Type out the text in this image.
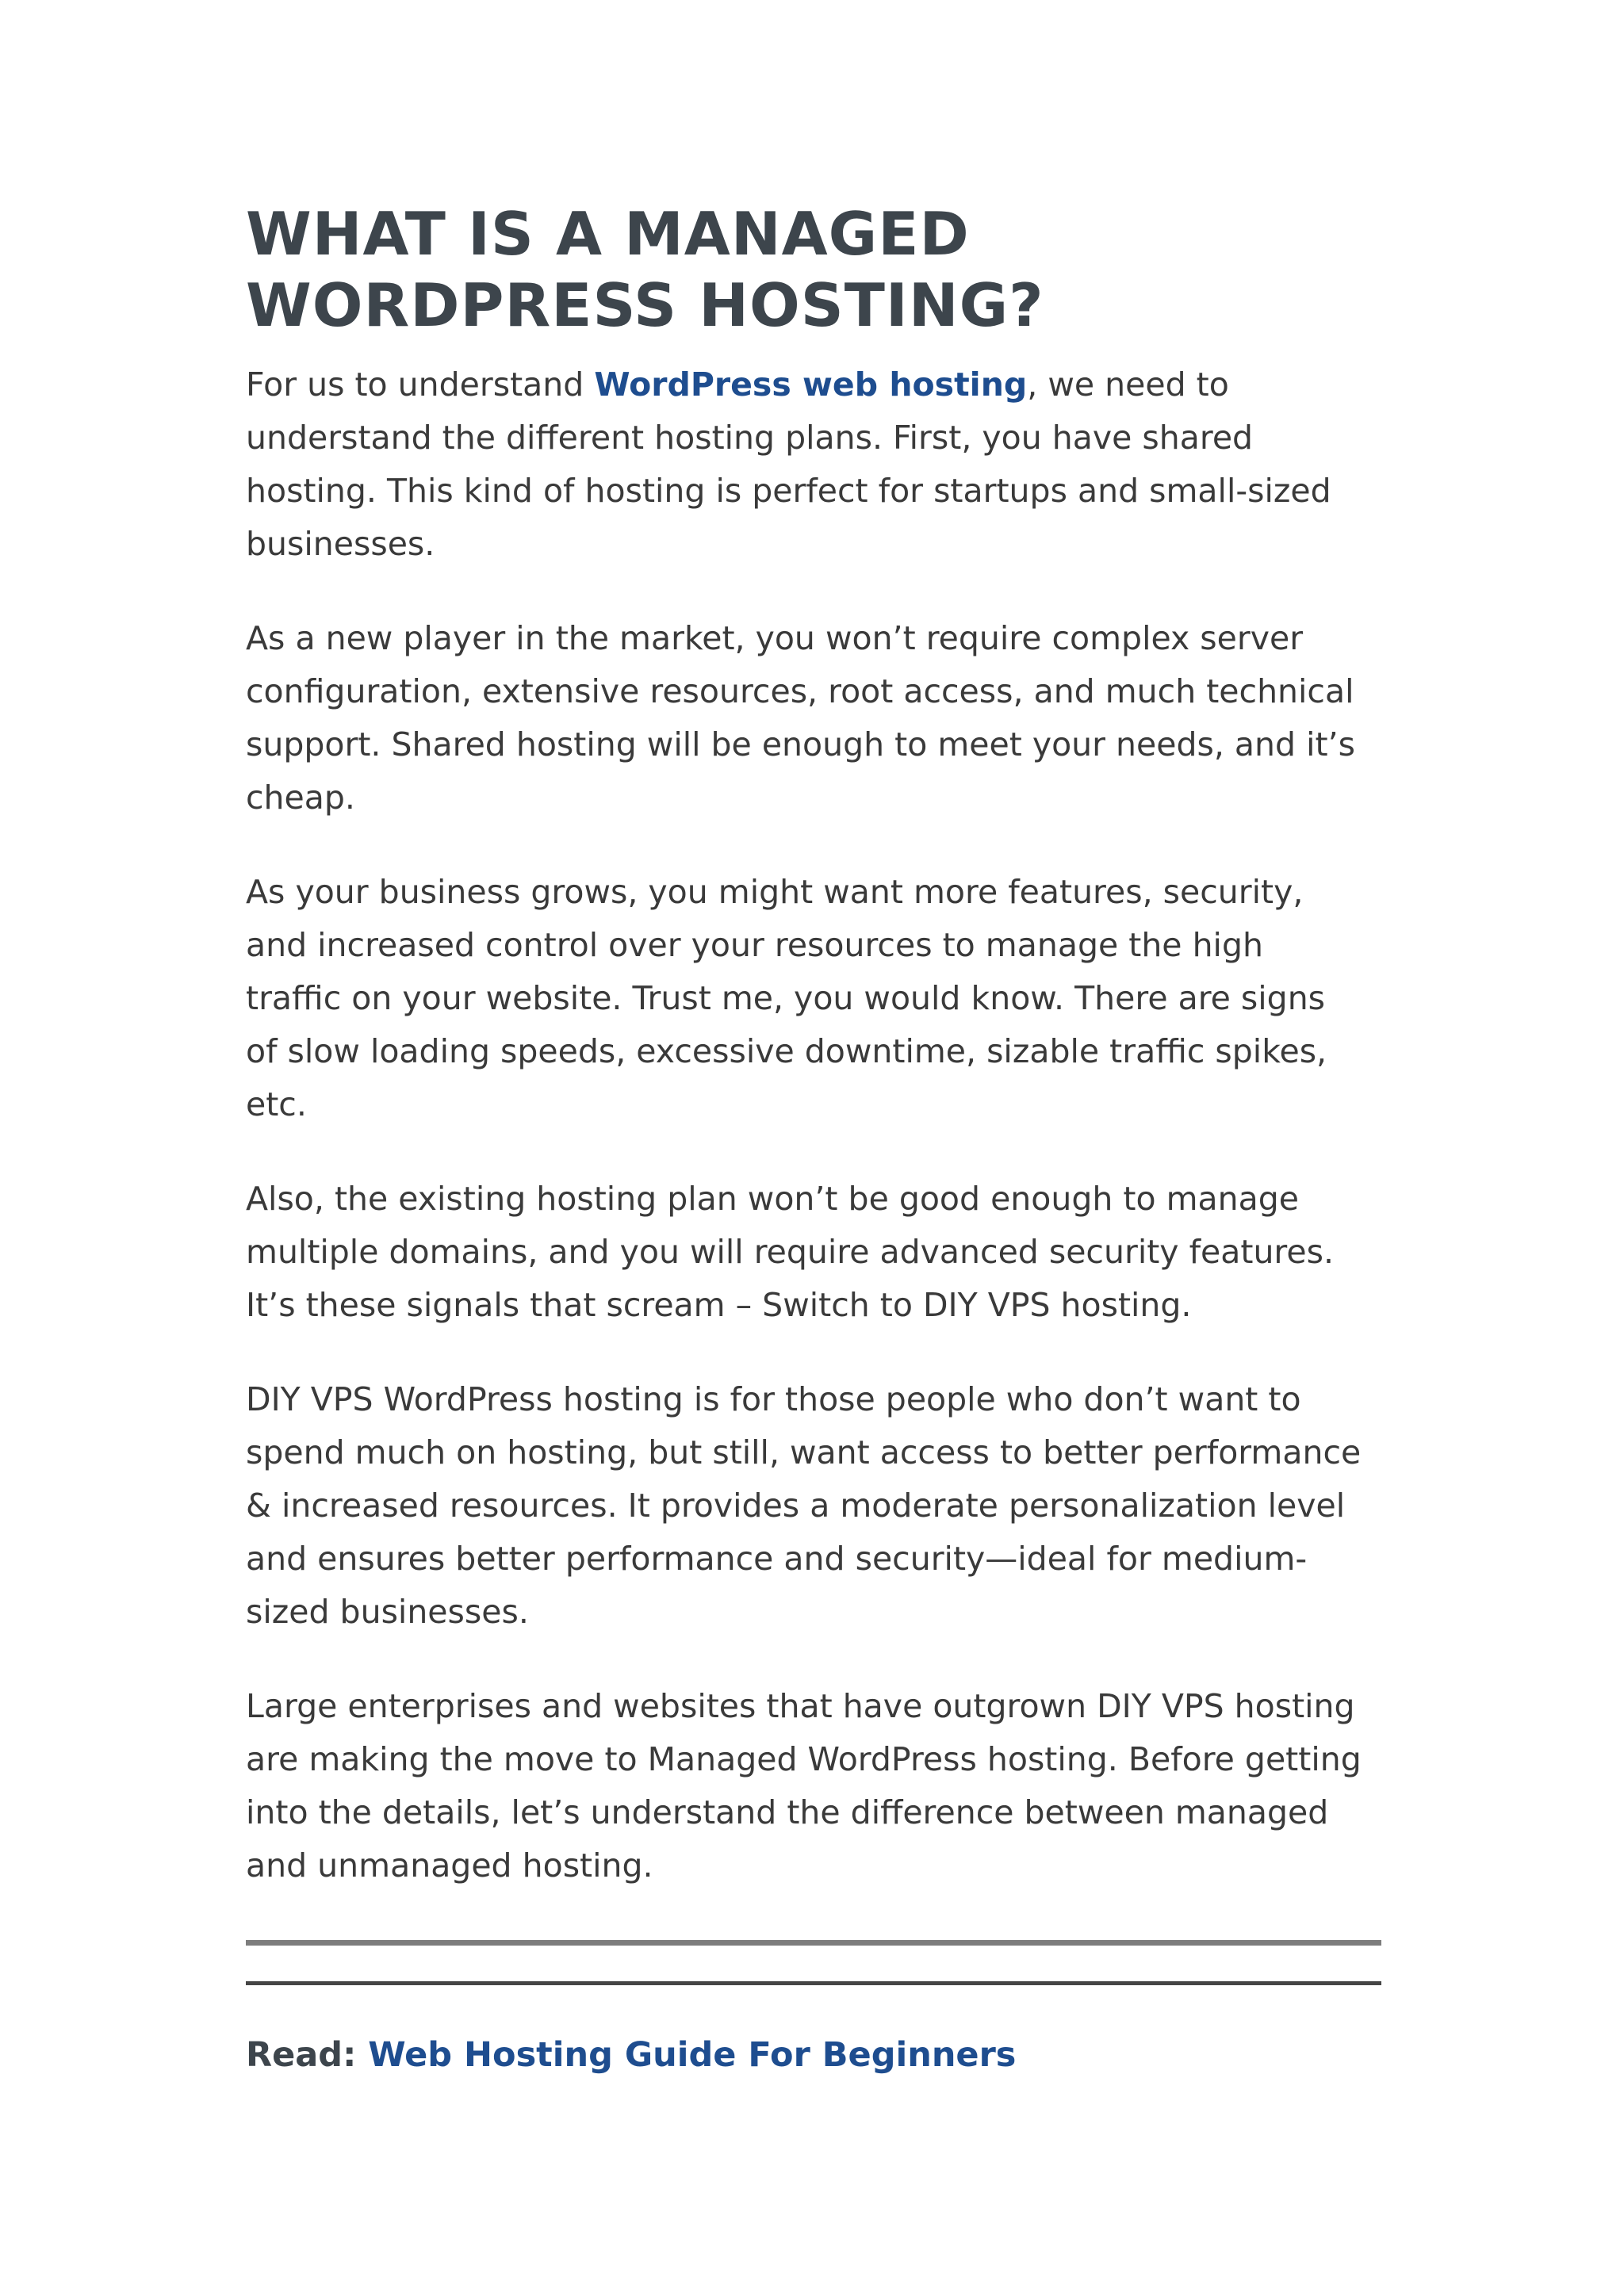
WHAT IS A MANAGED
WORDPRESS HOSTING?

For us to understand WordPress web hosting, we need to
understand the different hosting plans. First, you have shared
hosting. This kind of hosting is perfect for startups and small-sized
businesses.

As a new player in the market, you won’t require complex server
configuration, extensive resources, root access, and much technical
support. Shared hosting will be enough to meet your needs, and it’s
cheap.

As your business grows, you might want more features, security,
and increased control over your resources to manage the high
traffic on your website. Trust me, you would know. There are signs
of slow loading speeds, excessive downtime, sizable traffic spikes,
etc.

Also, the existing hosting plan won’t be good enough to manage
multiple domains, and you will require advanced security features.
It’s these signals that scream – Switch to DIY VPS hosting.

DIY VPS WordPress hosting is for those people who don’t want to
spend much on hosting, but still, want access to better performance
& increased resources. It provides a moderate personalization level
and ensures better performance and security—ideal for medium-
sized businesses.

Large enterprises and websites that have outgrown DIY VPS hosting
are making the move to Managed WordPress hosting. Before getting
into the details, let’s understand the difference between managed
and unmanaged hosting.

Read: Web Hosting Guide For Beginners
